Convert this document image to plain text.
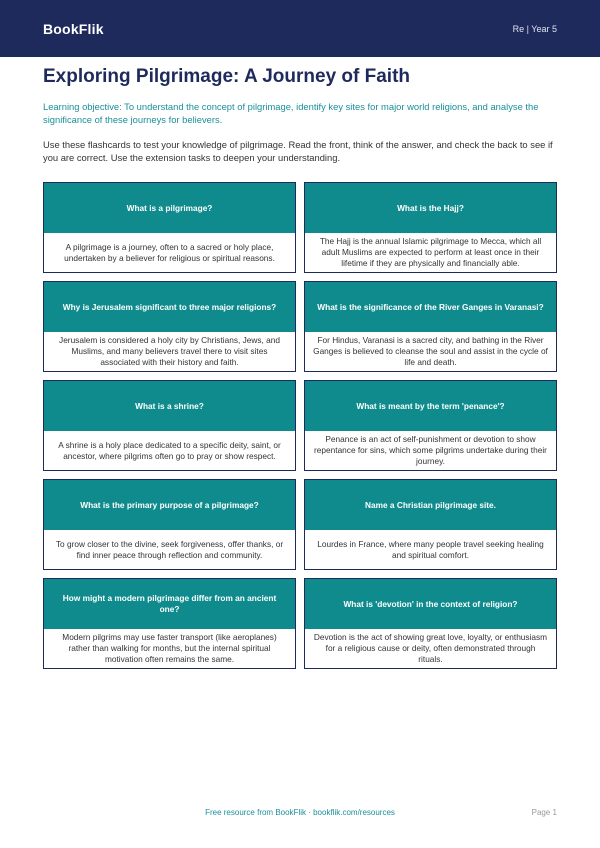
BookFlik	Re | Year 5
Exploring Pilgrimage: A Journey of Faith
Learning objective: To understand the concept of pilgrimage, identify key sites for major world religions, and analyse the significance of these journeys for believers.
Use these flashcards to test your knowledge of pilgrimage. Read the front, think of the answer, and check the back to see if you are correct. Use the extension tasks to deepen your understanding.
What is a pilgrimage?
A pilgrimage is a journey, often to a sacred or holy place, undertaken by a believer for religious or spiritual reasons.
What is the Hajj?
The Hajj is the annual Islamic pilgrimage to Mecca, which all adult Muslims are expected to perform at least once in their lifetime if they are physically and financially able.
Why is Jerusalem significant to three major religions?
Jerusalem is considered a holy city by Christians, Jews, and Muslims, and many believers travel there to visit sites associated with their history and faith.
What is the significance of the River Ganges in Varanasi?
For Hindus, Varanasi is a sacred city, and bathing in the River Ganges is believed to cleanse the soul and assist in the cycle of life and death.
What is a shrine?
A shrine is a holy place dedicated to a specific deity, saint, or ancestor, where pilgrims often go to pray or show respect.
What is meant by the term 'penance'?
Penance is an act of self-punishment or devotion to show repentance for sins, which some pilgrims undertake during their journey.
What is the primary purpose of a pilgrimage?
To grow closer to the divine, seek forgiveness, offer thanks, or find inner peace through reflection and community.
Name a Christian pilgrimage site.
Lourdes in France, where many people travel seeking healing and spiritual comfort.
How might a modern pilgrimage differ from an ancient one?
Modern pilgrims may use faster transport (like aeroplanes) rather than walking for months, but the internal spiritual motivation often remains the same.
What is 'devotion' in the context of religion?
Devotion is the act of showing great love, loyalty, or enthusiasm for a religious cause or deity, often demonstrated through rituals.
Free resource from BookFlik · bookflik.com/resources	Page 1
